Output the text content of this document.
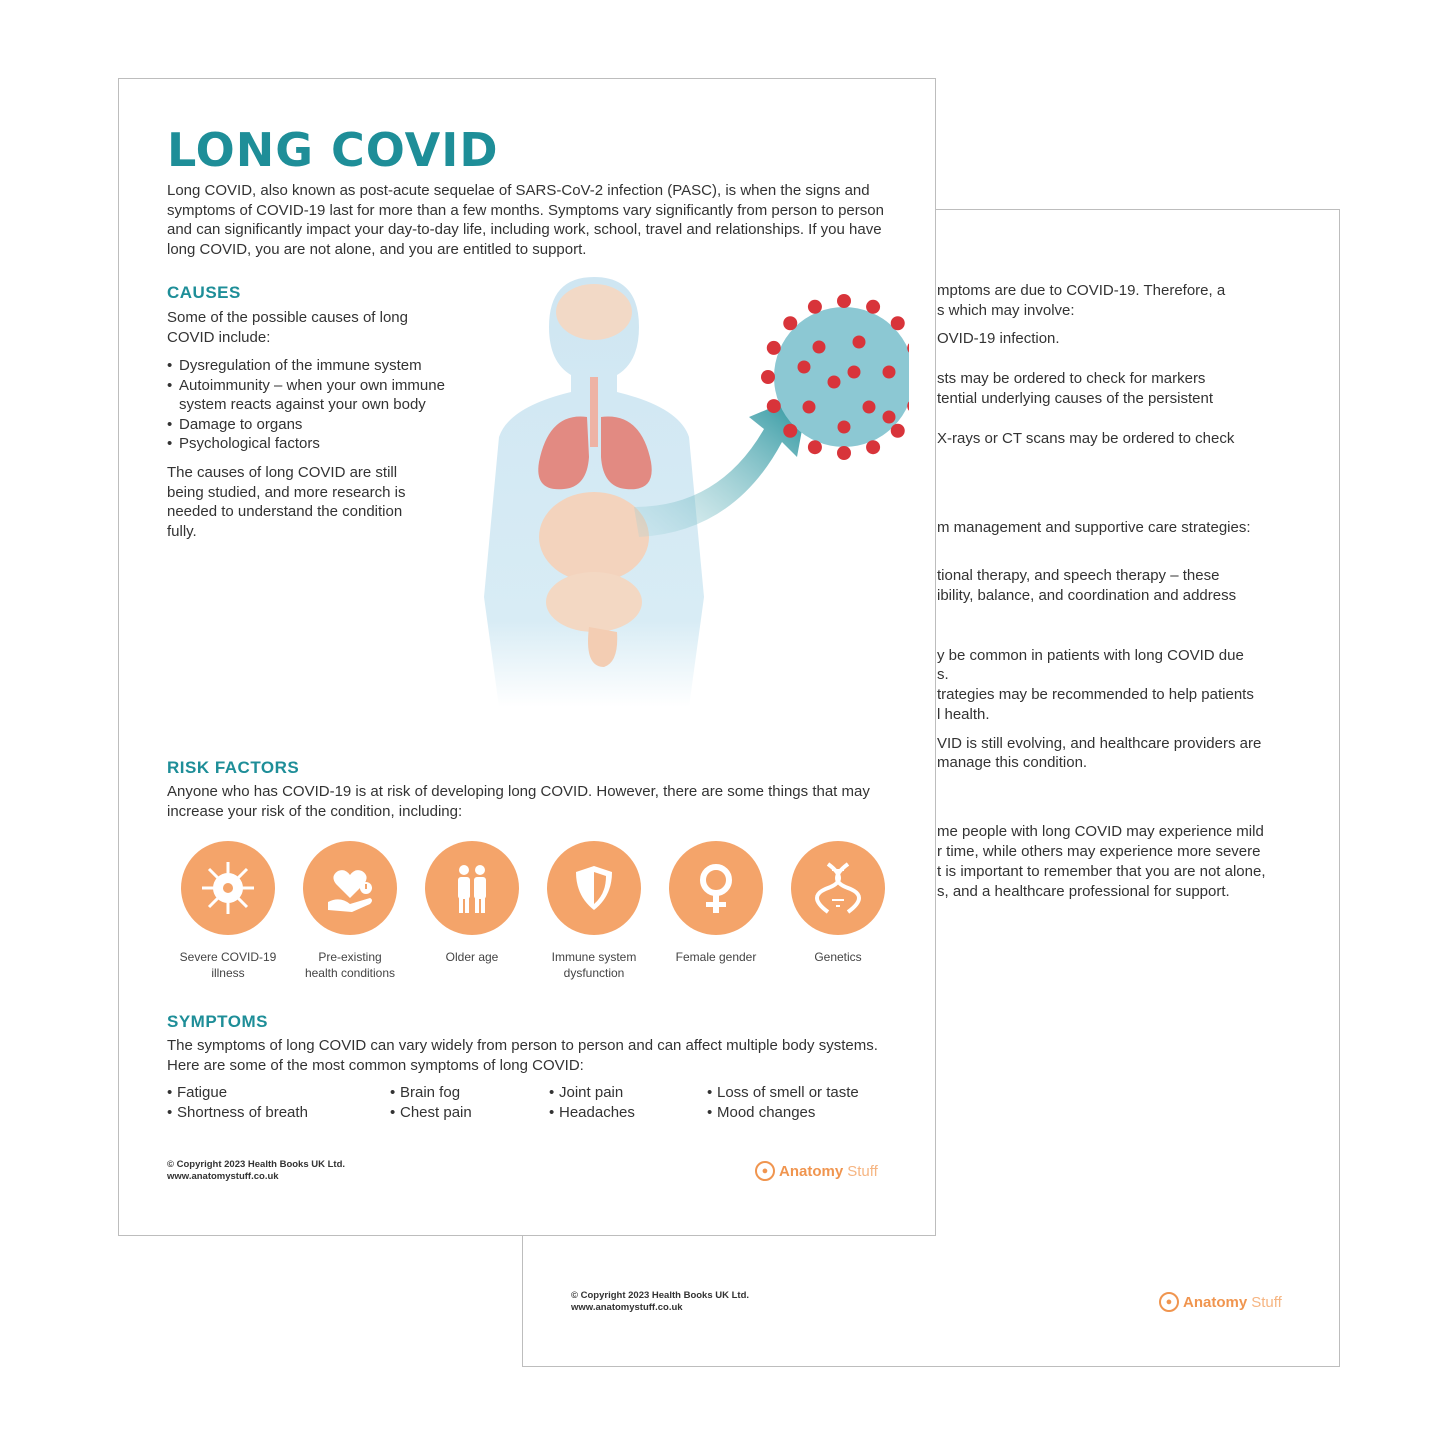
mptoms are due to COVID-19. Therefore, a
s which may involve:
OVID-19 infection.
sts may be ordered to check for markers
tential underlying causes of the persistent
X-rays or CT scans may be ordered to check
m management and supportive care strategies:
tional therapy, and speech therapy – these
ibility, balance, and coordination and address
y be common in patients with long COVID due
s.
trategies may be recommended to help patients
l health.
VID is still evolving, and healthcare providers are
manage this condition.
me people with long COVID may experience mild
r time, while others may experience more severe
t is important to remember that you are not alone,
s, and a healthcare professional for support.
© Copyright 2023 Health Books UK Ltd.
www.anatomystuff.co.uk	● Anatomy Stuff
LONG COVID

Long COVID, also known as post-acute sequelae of SARS-CoV-2 infection (PASC), is when the signs and symptoms of COVID-19 last for more than a few months. Symptoms vary significantly from person to person and can significantly impact your day-to-day life, including work, school, travel and relationships. If you have long COVID, you are not alone, and you are entitled to support.

CAUSES

Some of the possible causes of long COVID include:

• Dysregulation of the immune system
• Autoimmunity – when your own immune system reacts against your own body
• Damage to organs
• Psychological factors

The causes of long COVID are still being studied, and more research is needed to understand the condition fully.

RISK FACTORS

Anyone who has COVID-19 is at risk of developing long COVID. However, there are some things that may increase your risk of the condition, including:

Severe COVID-19
illness
Pre-existing
health conditions
Older age	Immune system
dysfunction
Female gender	Genetics
SYMPTOMS

The symptoms of long COVID can vary widely from person to person and can affect multiple body systems. Here are some of the most common symptoms of long COVID:

• Fatigue
• Shortness of breath
• Brain fog
• Chest pain
• Joint pain
• Headaches
• Loss of smell or taste
• Mood changes
© Copyright 2023 Health Books UK Ltd.
www.anatomystuff.co.uk	● Anatomy Stuff
